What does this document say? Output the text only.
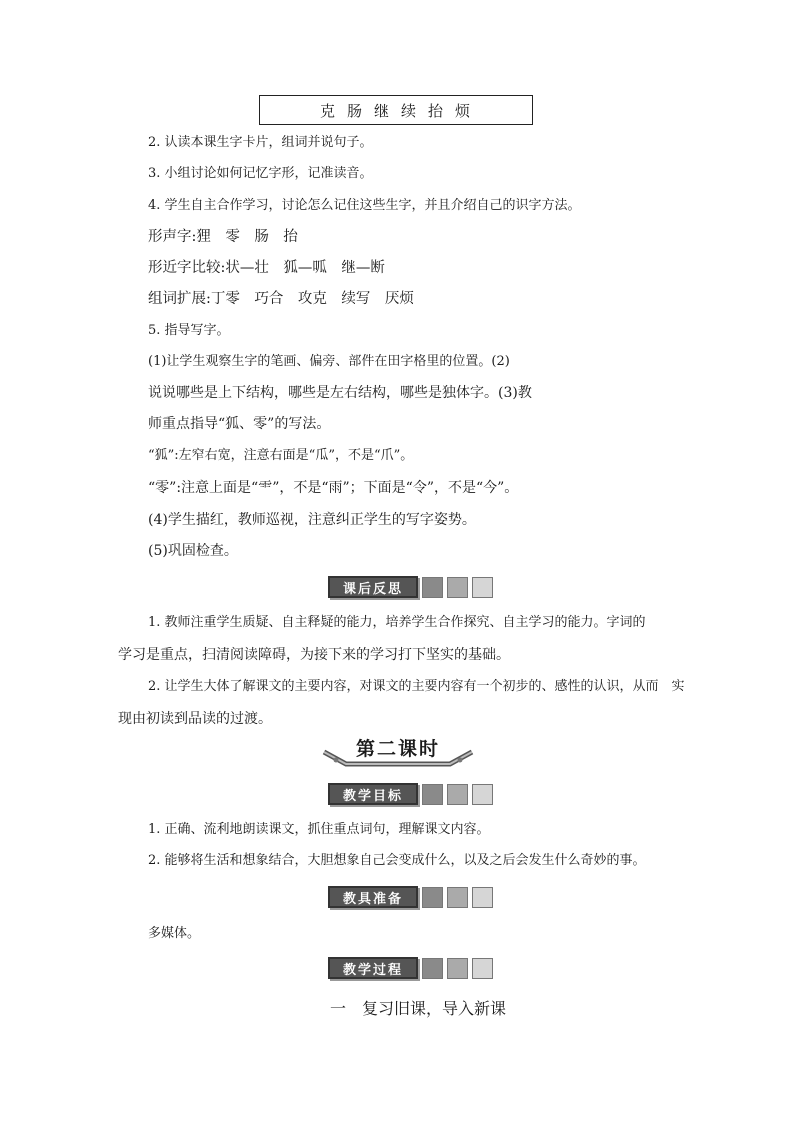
克肠继续抬烦
2. 认读本课生字卡片，组词并说句子。
3. 小组讨论如何记忆字形，记准读音。
4. 学生自主合作学习，讨论怎么记住这些生字，并且介绍自己的识字方法。
形声字:狸　零　肠　抬
形近字比较:状—壮　狐—呱　继—断
组词扩展:丁零　巧合　攻克　续写　厌烦
5. 指导写字。
(1)让学生观察生字的笔画、偏旁、部件在田字格里的位置。(2)
说说哪些是上下结构，哪些是左右结构，哪些是独体字。(3)教
师重点指导“狐、零”的写法。
“狐”:左窄右宽，注意右面是“瓜”，不是“爪”。
“零”:注意上面是“⻗”，不是“雨”；下面是“令”，不是“今”。
(4)学生描红，教师巡视，注意纠正学生的写字姿势。
(5)巩固检查。
课后反思
1. 教师注重学生质疑、自主释疑的能力，培养学生合作探究、自主学习的能力。字词的
学习是重点，扫清阅读障碍，为接下来的学习打下坚实的基础。
2. 让学生大体了解课文的主要内容，对课文的主要内容有一个初步的、感性的认识，从而　实
现由初读到品读的过渡。
第二课时
教学目标
1. 正确、流利地朗读课文，抓住重点词句，理解课文内容。
2. 能够将生活和想象结合，大胆想象自己会变成什么，以及之后会发生什么奇妙的事。
教具准备
多媒体。
教学过程
一　复习旧课，导入新课
